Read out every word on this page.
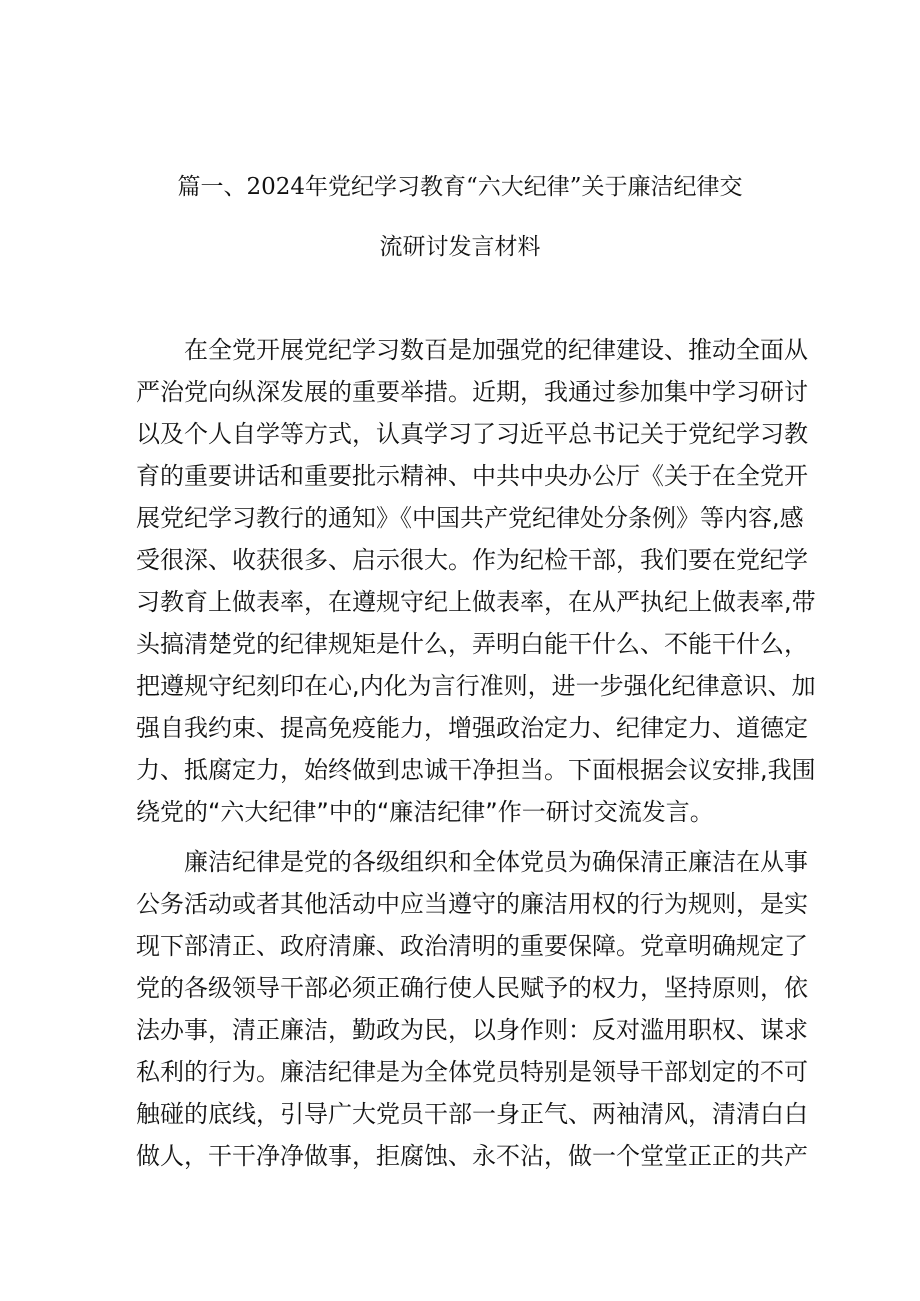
篇一、2024年党纪学习教育“六大纪律”关于廉洁纪律交
流研讨发言材料
在全党开展党纪学习数百是加强党的纪律建设、推动全面从
严治党向纵深发展的重要举措。近期，我通过参加集中学习研讨
以及个人自学等方式，认真学习了习近平总书记关于党纪学习教
育的重要讲话和重要批示精神、中共中央办公厅《关于在全党开
展党纪学习教行的通知》《中国共产党纪律处分条例》等内容,感
受很深、收获很多、启示很大。作为纪检干部，我们要在党纪学
习教育上做表率，在遵规守纪上做表率，在从严执纪上做表率,带
头搞清楚党的纪律规矩是什么，弄明白能干什么、不能干什么，
把遵规守纪刻印在心,内化为言行准则，进一步强化纪律意识、加
强自我约束、提高免疫能力，增强政治定力、纪律定力、道德定
力、抵腐定力，始终做到忠诚干净担当。下面根据会议安排,我围
绕党的“六大纪律”中的“廉洁纪律”作一研讨交流发言。
廉洁纪律是党的各级组织和全体党员为确保清正廉洁在从事
公务活动或者其他活动中应当遵守的廉洁用权的行为规则，是实
现下部清正、政府清廉、政治清明的重要保障。党章明确规定了
党的各级领导干部必须正确行使人民赋予的权力，坚持原则，依
法办事，清正廉洁，勤政为民，以身作则：反对滥用职权、谋求
私利的行为。廉洁纪律是为全体党员特别是领导干部划定的不可
触碰的底线，引导广大党员干部一身正气、两袖清风，清清白白
做人，干干净净做事，拒腐蚀、永不沾，做一个堂堂正正的共产
